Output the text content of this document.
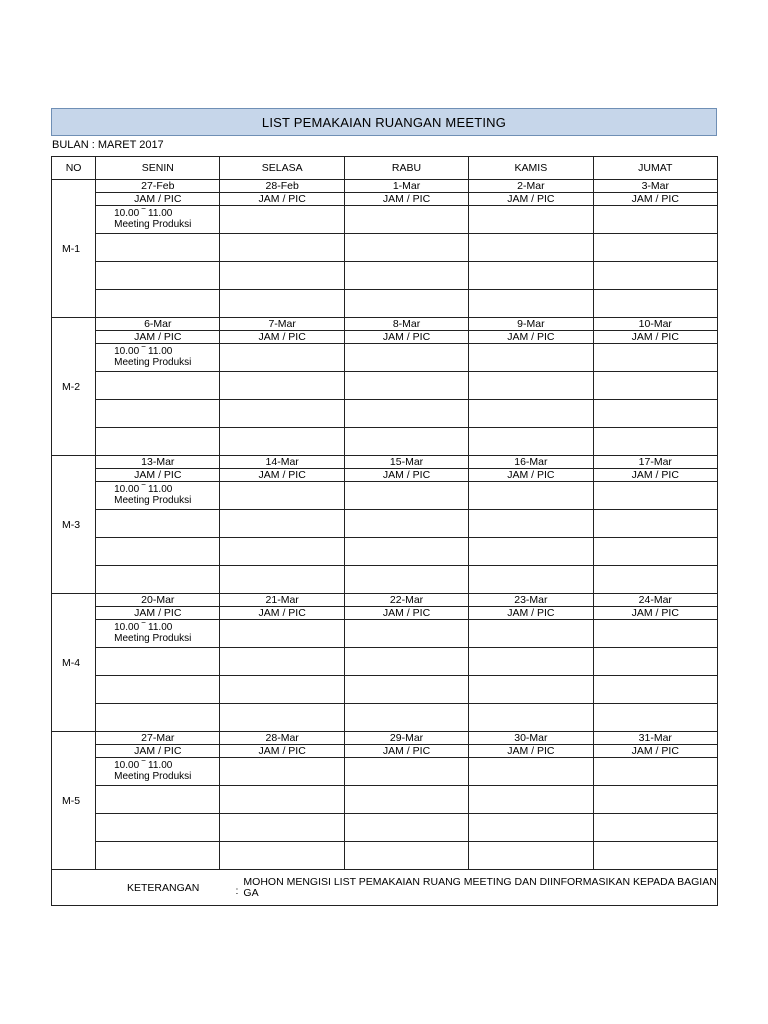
LIST PEMAKAIAN RUANGAN MEETING
BULAN : MARET 2017
NO	SENIN	SELASA	RABU	KAMIS	JUMAT
M-1	27-Feb	28-Feb	1-Mar	2-Mar	3-Mar
	JAM / PIC	JAM / PIC	JAM / PIC	JAM / PIC	JAM / PIC

	10.00 ‾ 11.00
Meeting Produksi				

M-2	6-Mar	7-Mar	8-Mar	9-Mar	10-Mar
	JAM / PIC	JAM / PIC	JAM / PIC	JAM / PIC	JAM / PIC

	10.00 ‾ 11.00
Meeting Produksi				

M-3	13-Mar	14-Mar	15-Mar	16-Mar	17-Mar
	JAM / PIC	JAM / PIC	JAM / PIC	JAM / PIC	JAM / PIC

	10.00 ‾ 11.00
Meeting Produksi				

M-4	20-Mar	21-Mar	22-Mar	23-Mar	24-Mar
	JAM / PIC	JAM / PIC	JAM / PIC	JAM / PIC	JAM / PIC

	10.00 ‾ 11.00
Meeting Produksi				

M-5	27-Mar	28-Mar	29-Mar	30-Mar	31-Mar
	JAM / PIC	JAM / PIC	JAM / PIC	JAM / PIC	JAM / PIC

	10.00 ‾ 11.00
Meeting Produksi				

KETERANGAN :
MOHON MENGISI LIST PEMAKAIAN RUANG MEETING DAN DIINFORMASIKAN KEPADA BAGIAN GA					
